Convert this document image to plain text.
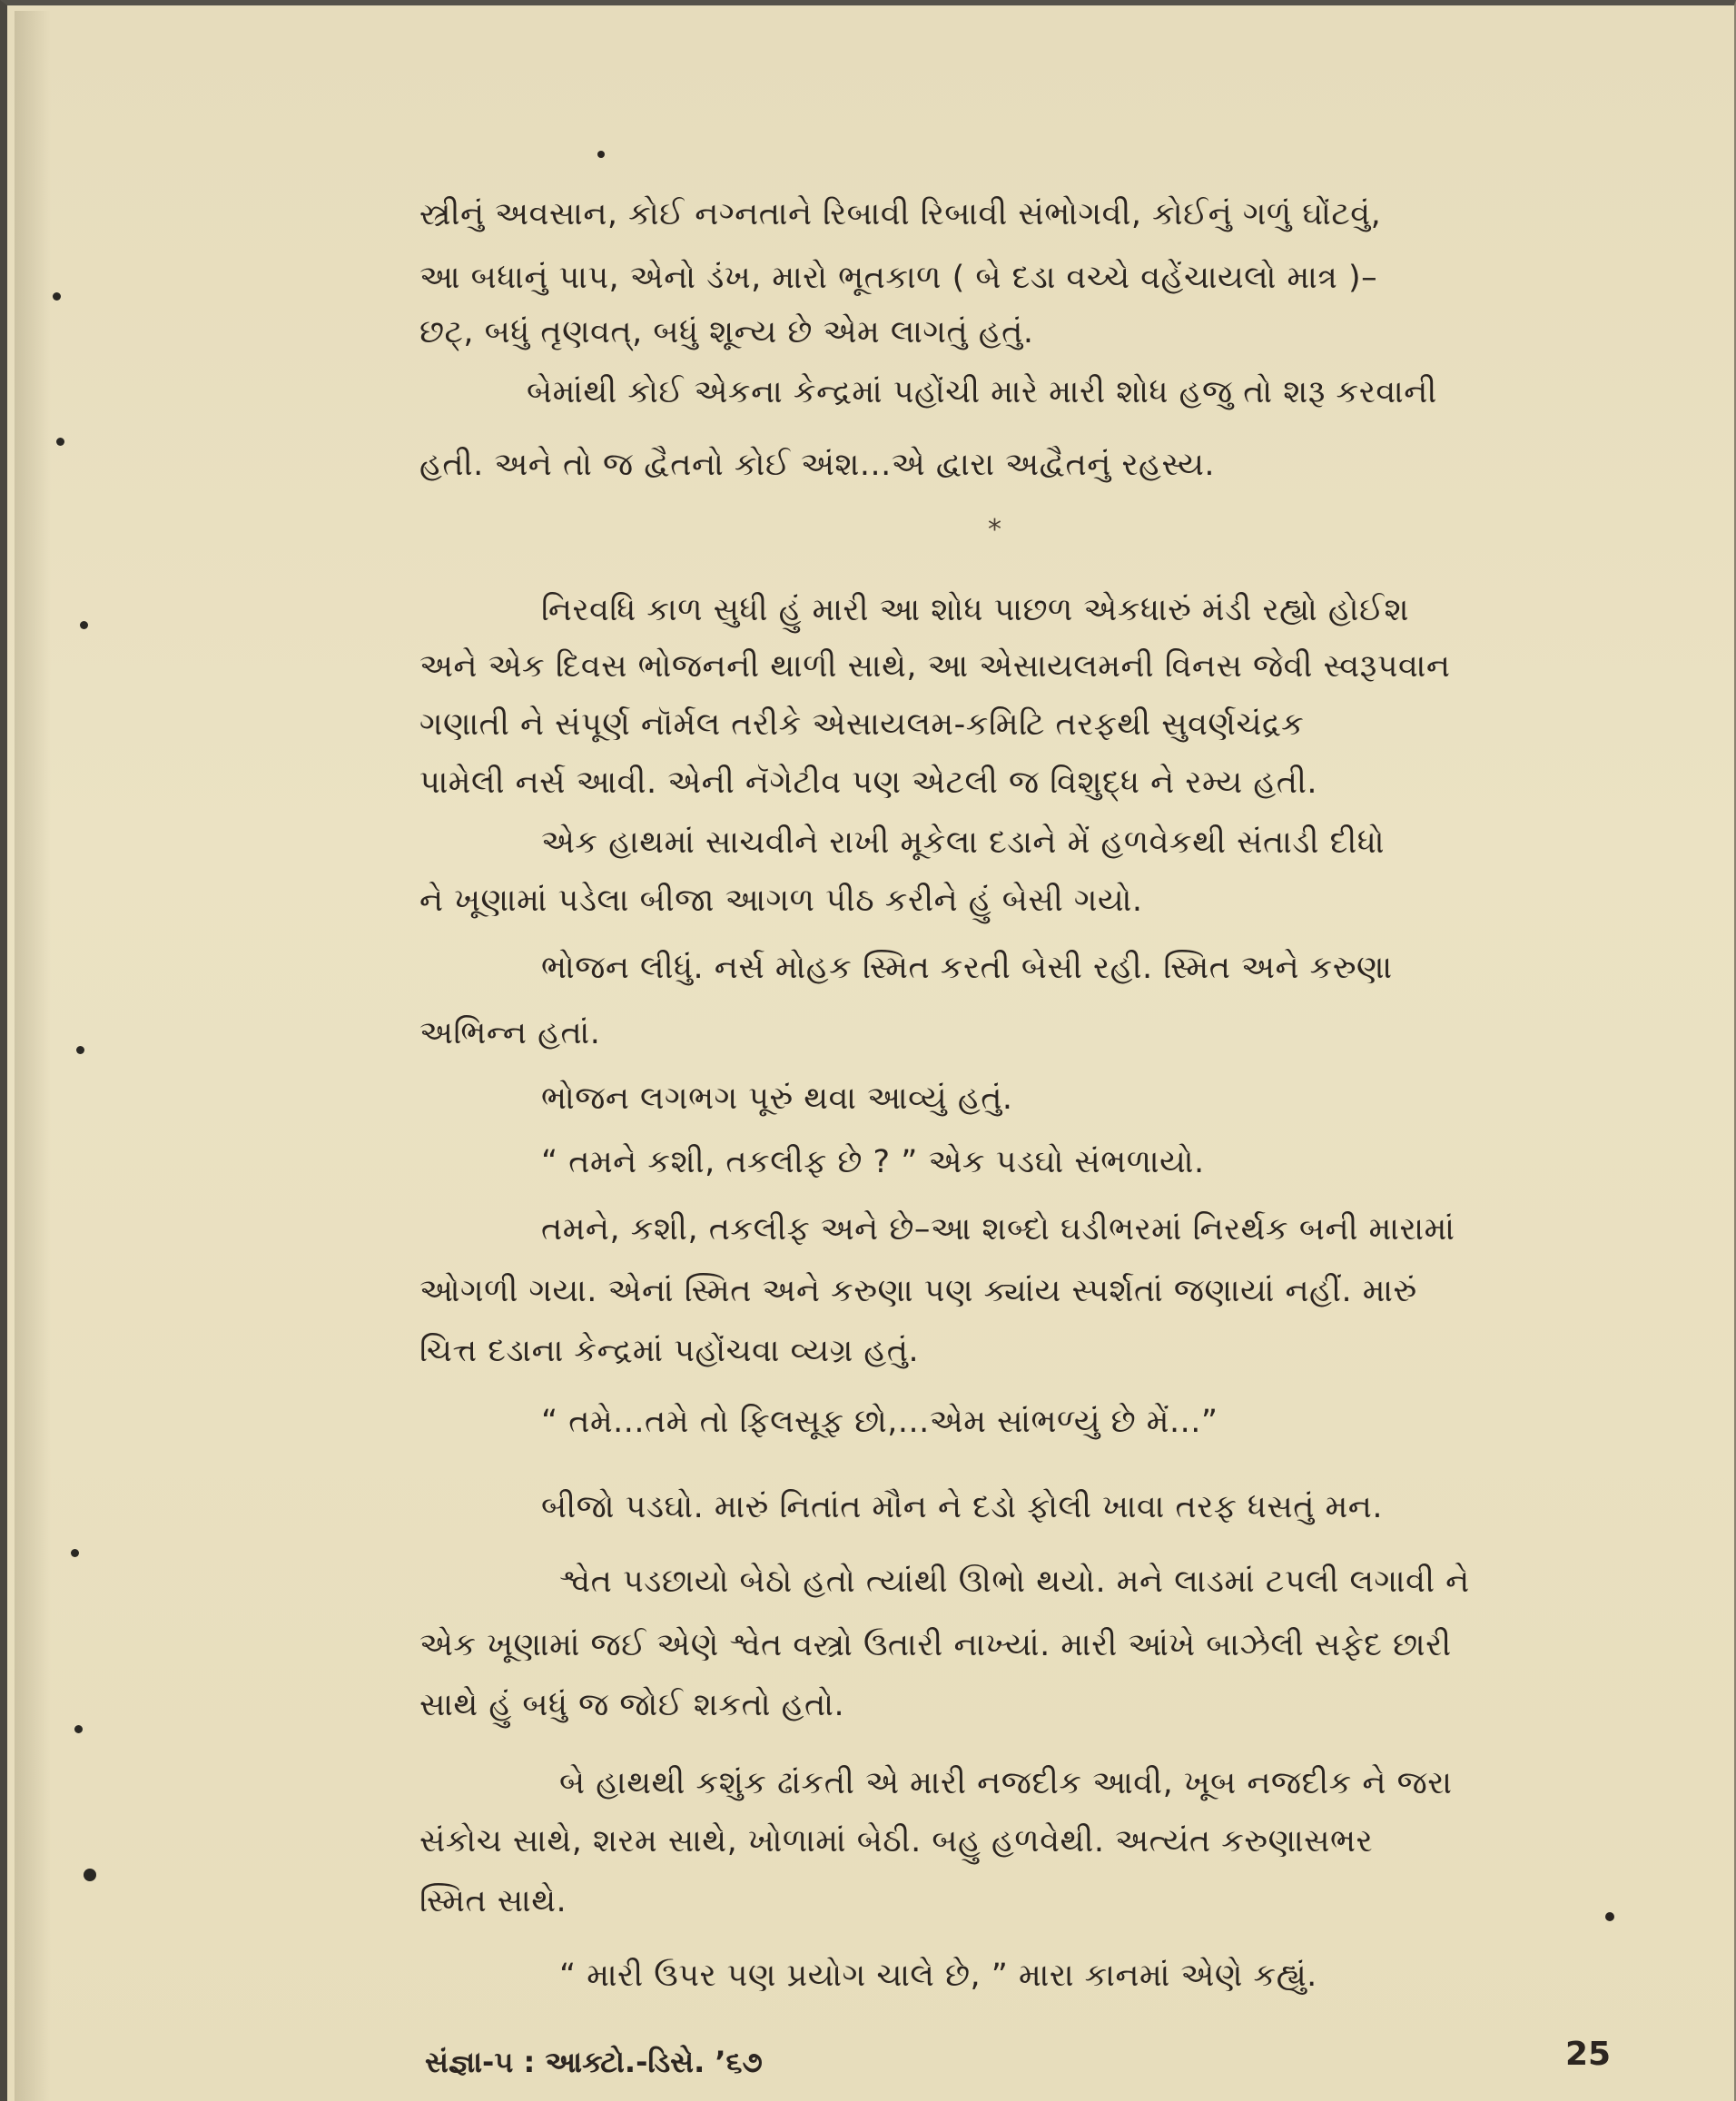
સ્ત્રીનું અવસાન, કોઈ નગ્નતાને રિબાવી રિબાવી સંભોગવી, કોઈનું ગળું ઘોંટવું,
આ બધાનું પાપ, એનો ડંખ, મારો ભૂતકાળ ( બે દડા વચ્ચે વહેંચાયલો માત્ર )–
છટ્, બધું તૃણવત્, બધું શૂન્ય છે એમ લાગતું હતું.
બેમાંથી કોઈ એકના કેન્દ્રમાં પહોંચી મારે મારી શોધ હજુ તો શરૂ કરવાની
હતી. અને તો જ દ્વૈતનો કોઈ અંશ...એ દ્વારા અદ્વૈતનું રહસ્ય.
નિરવધિ કાળ સુધી હું મારી આ શોધ પાછળ એકધારું મંડી રહ્યો હોઈશ
અને એક દિવસ ભોજનની થાળી સાથે, આ એસાયલમની વિનસ જેવી સ્વરૂપવાન
ગણાતી ને સંપૂર્ણ નૉર્મલ તરીકે એસાયલમ-કમિટિ તરફથી સુવર્ણચંદ્રક
પામેલી નર્સ આવી. એની નૅગેટીવ પણ એટલી જ વિશુદ્ધ ને રમ્ય હતી.
એક હાથમાં સાચવીને રાખી મૂકેલા દડાને મેં હળવેકથી સંતાડી દીધો
ને ખૂણામાં પડેલા બીજા આગળ પીઠ કરીને હું બેસી ગયો.
ભોજન લીધું. નર્સ મોહક સ્મિત કરતી બેસી રહી. સ્મિત અને કરુણા
અભિન્ન હતાં.
ભોજન લગભગ પૂરું થવા આવ્યું હતું.
“ તમને કશી, તકલીફ છે ? ” એક પડઘો સંભળાયો.
તમને, કશી, તકલીફ અને છે–આ શબ્દો ઘડીભરમાં નિરર્થક બની મારામાં
ઓગળી ગયા. એનાં સ્મિત અને કરુણા પણ ક્યાંય સ્પર્શતાં જણાયાં નહીં. મારું
ચિત્ત દડાના કેન્દ્રમાં પહોંચવા વ્યગ્ર હતું.
“ તમે...તમે તો ફિલસૂફ છો,...એમ સાંભળ્યું છે મેં...”
બીજો પડઘો. મારું નિતાંત મૌન ને દડો ફોલી ખાવા તરફ ધસતું મન.
શ્વેત પડછાયો બેઠો હતો ત્યાંથી ઊભો થયો. મને લાડમાં ટપલી લગાવી ને
એક ખૂણામાં જઈ એણે શ્વેત વસ્ત્રો ઉતારી નાખ્યાં. મારી આંખે બાઝેલી સફેદ છારી
સાથે હું બધું જ જોઈ શકતો હતો.
બે હાથથી કશુંક ઢાંકતી એ મારી નજદીક આવી, ખૂબ નજદીક ને જરા
સંકોચ સાથે, શરમ સાથે, ખોળામાં બેઠી. બહુ હળવેથી. અત્યંત કરુણાસભર
સ્મિત સાથે.
“ મારી ઉપર પણ પ્રયોગ ચાલે છે, ” મારા કાનમાં એણે કહ્યું.
*
સંજ્ઞા-૫ : આક્ટો.-ડિસે. ’૬૭	25
